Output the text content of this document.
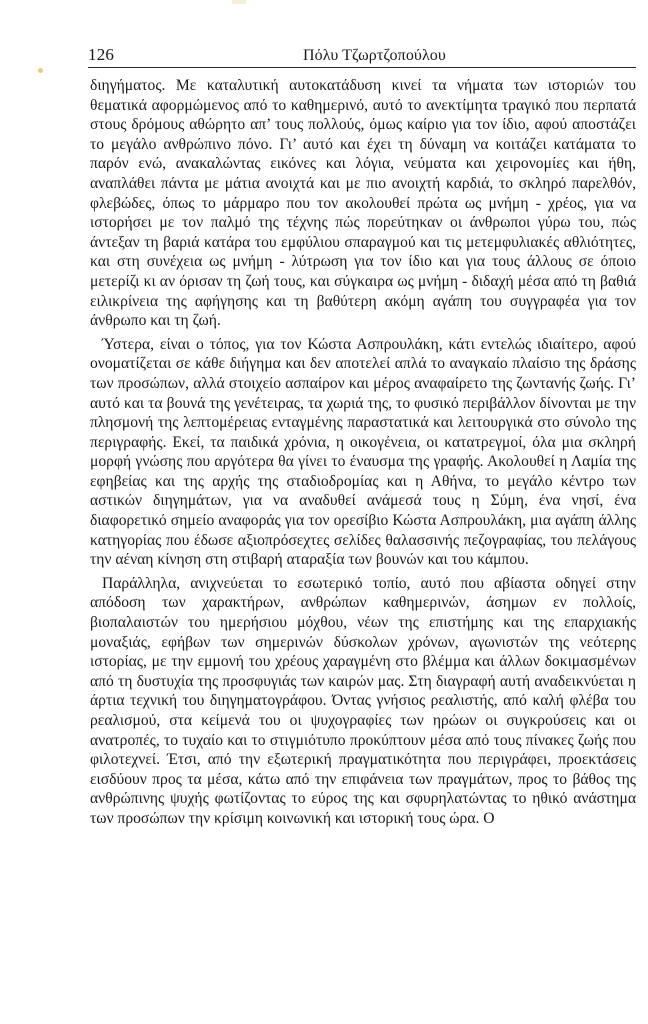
126	Πόλυ Τζωρτζοπούλου

διηγήματος. Με καταλυτική αυτοκατάδυση κινεί τα νήματα των ιστοριών του θεματικά αφορμώμενος από το καθημερινό, αυτό το ανεκτίμητα τραγικό που περπατά στους δρόμους αθώρητο απ’ τους πολλούς, όμως καίριο για τον ίδιο, αφού αποστάζει το μεγάλο ανθρώπινο πόνο. Γι’ αυτό και έχει τη δύναμη να κοιτάζει κατάματα το παρόν ενώ, ανακαλώντας εικόνες και λόγια, νεύματα και χειρονομίες και ήθη, αναπλάθει πάντα με μάτια ανοιχτά και με πιο ανοιχτή καρδιά, το σκληρό παρελθόν, φλεβώδες, όπως το μάρμαρο που τον ακολουθεί πρώτα ως μνήμη - χρέος, για να ιστορήσει με τον παλμό της τέχνης πώς πορεύτηκαν οι άνθρωποι γύρω του, πώς άντεξαν τη βαριά κατάρα του εμφύλιου σπαραγμού και τις μετεμφυλιακές αθλιότητες, και στη συνέχεια ως μνήμη - λύτρωση για τον ίδιο και για τους άλλους σε όποιο μετερίζι κι αν όρισαν τη ζωή τους, και σύγκαιρα ως μνήμη - διδαχή μέσα από τη βαθιά ειλικρίνεια της αφήγησης και τη βαθύτερη ακόμη αγάπη του συγγραφέα για τον άνθρωπο και τη ζωή.

Ύστερα, είναι ο τόπος, για τον Κώστα Ασπρουλάκη, κάτι εντελώς ιδιαίτερο, αφού ονοματίζεται σε κάθε διήγημα και δεν αποτελεί απλά το αναγκαίο πλαίσιο της δράσης των προσώπων, αλλά στοιχείο ασπαίρον και μέρος αναφαίρετο της ζωντανής ζωής. Γι’ αυτό και τα βουνά της γενέτειρας, τα χωριά της, το φυσικό περιβάλλον δίνονται με την πλησμονή της λεπτομέρειας ενταγμένης παραστατικά και λειτουργικά στο σύνολο της περιγραφής. Εκεί, τα παιδικά χρόνια, η οικογένεια, οι κατατρεγμοί, όλα μια σκληρή μορφή γνώσης που αργότερα θα γίνει το έναυσμα της γραφής. Ακολουθεί η Λαμία της εφηβείας και της αρχής της σταδιοδρομίας και η Αθήνα, το μεγάλο κέντρο των αστικών διηγημάτων, για να αναδυθεί ανάμεσά τους η Σύμη, ένα νησί, ένα διαφορετικό σημείο αναφοράς για τον ορεσίβιο Κώστα Ασπρουλάκη, μια αγάπη άλλης κατηγορίας που έδωσε αξιοπρόσεχτες σελίδες θαλασσινής πεζογραφίας, του πελάγους την αέναη κίνηση στη στιβαρή αταραξία των βουνών και του κάμπου.

Παράλληλα, ανιχνεύεται το εσωτερικό τοπίο, αυτό που αβίαστα οδηγεί στην απόδοση των χαρακτήρων, ανθρώπων καθημερινών, άσημων εν πολλοίς, βιοπαλαιστών του ημερήσιου μόχθου, νέων της επιστήμης και της επαρχιακής μοναξιάς, εφήβων των σημερινών δύσκολων χρόνων, αγωνιστών της νεότερης ιστορίας, με την εμμονή του χρέους χαραγμένη στο βλέμμα και άλλων δοκιμασμένων από τη δυστυχία της προσφυγιάς των καιρών μας. Στη διαγραφή αυτή αναδεικνύεται η άρτια τεχνική του διηγηματογράφου. Όντας γνήσιος ρεαλιστής, από καλή φλέβα του ρεαλισμού, στα κείμενά του οι ψυχογραφίες των ηρώων οι συγκρούσεις και οι ανατροπές, το τυχαίο και το στιγμιότυπο προκύπτουν μέσα από τους πίνακες ζωής που φιλοτεχνεί. Έτσι, από την εξωτερική πραγματικότητα που περιγράφει, προεκτάσεις εισδύουν προς τα μέσα, κάτω από την επιφάνεια των πραγμάτων, προς το βάθος της ανθρώπινης ψυχής φωτίζοντας το εύρος της και σφυρηλατώντας το ηθικό ανάστημα των προσώπων την κρίσιμη κοινωνική και ιστορική τους ώρα. Ο
